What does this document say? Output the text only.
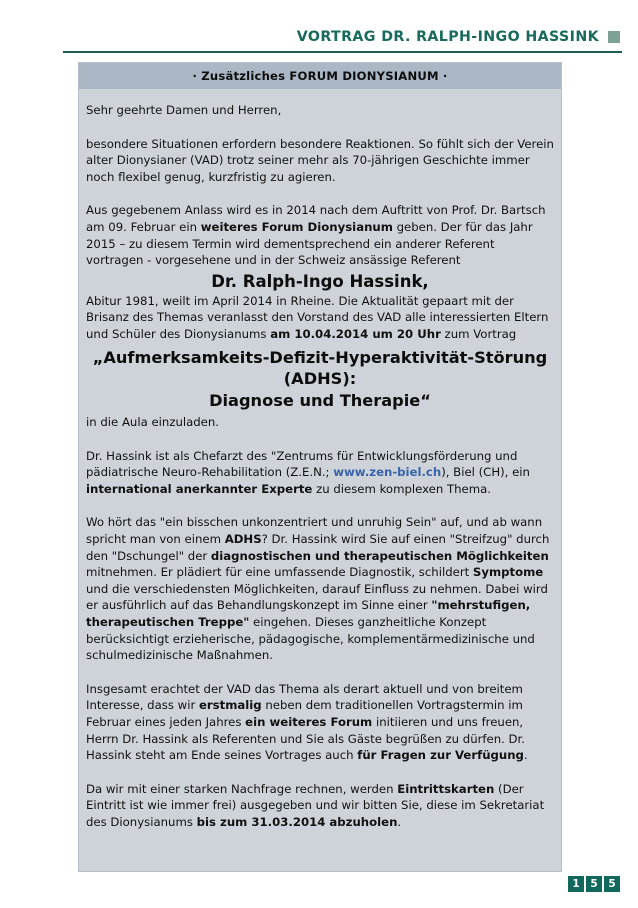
VORTRAG DR. RALPH-INGO HASSINK
· Zusätzliches FORUM DIONYSIANUM ·

Sehr geehrte Damen und Herren,

besondere Situationen erfordern besondere Reaktionen. So fühlt sich der Verein alter Dionysianer (VAD) trotz seiner mehr als 70-jährigen Geschichte immer noch flexibel genug, kurzfristig zu agieren.

Aus gegebenem Anlass wird es in 2014 nach dem Auftritt von Prof. Dr. Bartsch am 09. Februar ein weiteres Forum Dionysianum geben. Der für das Jahr 2015 – zu diesem Termin wird dementsprechend ein anderer Referent vortragen - vorgesehene und in der Schweiz ansässige Referent

Dr. Ralph-Ingo Hassink,

Abitur 1981, weilt im April 2014 in Rheine. Die Aktualität gepaart mit der Brisanz des Themas veranlasst den Vorstand des VAD alle interessierten Eltern und Schüler des Dionysianums am 10.04.2014 um 20 Uhr zum Vortrag

„Aufmerksamkeits-Defizit-Hyperaktivität-Störung
(ADHS):
Diagnose und Therapie“

in die Aula einzuladen.

Dr. Hassink ist als Chefarzt des "Zentrums für Entwicklungsförderung und pädiatrische Neuro-Rehabilitation (Z.E.N.; www.zen-biel.ch), Biel (CH), ein international anerkannter Experte zu diesem komplexen Thema.

Wo hört das "ein bisschen unkonzentriert und unruhig Sein" auf, und ab wann spricht man von einem ADHS? Dr. Hassink wird Sie auf einen "Streifzug" durch den "Dschungel" der diagnostischen und therapeutischen Möglichkeiten mitnehmen. Er plädiert für eine umfassende Diagnostik, schildert Symptome und die verschiedensten Möglichkeiten, darauf Einfluss zu nehmen. Dabei wird er ausführlich auf das Behandlungskonzept im Sinne einer "mehrstufigen, therapeutischen Treppe" eingehen. Dieses ganzheitliche Konzept berücksichtigt erzieherische, pädagogische, komplementärmedizinische und schulmedizinische Maßnahmen.

Insgesamt erachtet der VAD das Thema als derart aktuell und von breitem Interesse, dass wir erstmalig neben dem traditionellen Vortragstermin im Februar eines jeden Jahres ein weiteres Forum initiieren und uns freuen, Herrn Dr. Hassink als Referenten und Sie als Gäste begrüßen zu dürfen. Dr. Hassink steht am Ende seines Vortrages auch für Fragen zur Verfügung.

Da wir mit einer starken Nachfrage rechnen, werden Eintrittskarten (Der Eintritt ist wie immer frei) ausgegeben und wir bitten Sie, diese im Sekretariat des Dionysianums bis zum 31.03.2014 abzuholen.

1	5	5
